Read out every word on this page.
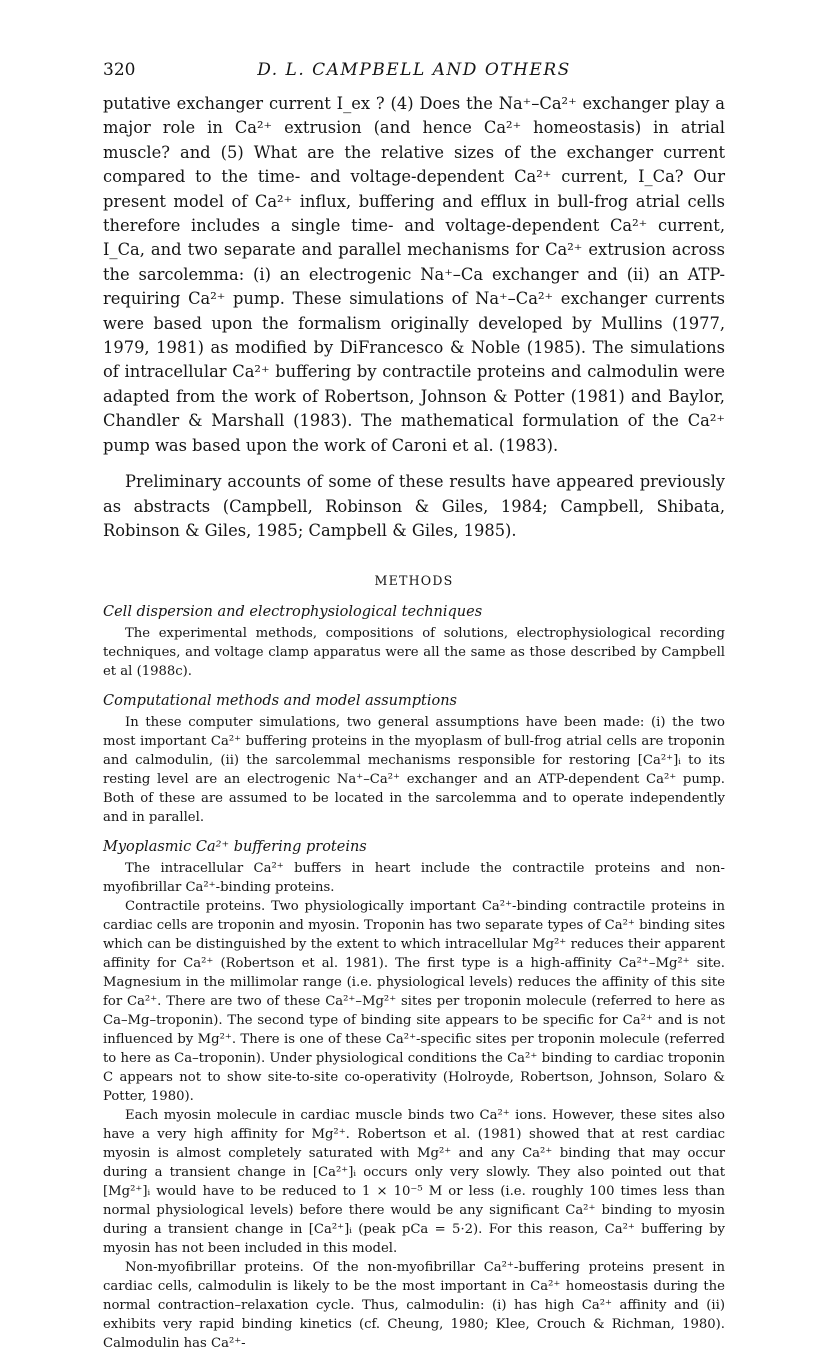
320	D. L. CAMPBELL AND OTHERS

putative exchanger current I_ex ? (4) Does the Na⁺–Ca²⁺ exchanger play a major role in Ca²⁺ extrusion (and hence Ca²⁺ homeostasis) in atrial muscle? and (5) What are the relative sizes of the exchanger current compared to the time- and voltage-dependent Ca²⁺ current, I_Ca? Our present model of Ca²⁺ influx, buffering and efflux in bull-frog atrial cells therefore includes a single time- and voltage-dependent Ca²⁺ current, I_Ca, and two separate and parallel mechanisms for Ca²⁺ extrusion across the sarcolemma: (i) an electrogenic Na⁺–Ca exchanger and (ii) an ATP-requiring Ca²⁺ pump. These simulations of Na⁺–Ca²⁺ exchanger currents were based upon the formalism originally developed by Mullins (1977, 1979, 1981) as modified by DiFrancesco & Noble (1985). The simulations of intracellular Ca²⁺ buffering by contractile proteins and calmodulin were adapted from the work of Robertson, Johnson & Potter (1981) and Baylor, Chandler & Marshall (1983). The mathematical formulation of the Ca²⁺ pump was based upon the work of Caroni et al. (1983).

Preliminary accounts of some of these results have appeared previously as abstracts (Campbell, Robinson & Giles, 1984; Campbell, Shibata, Robinson & Giles, 1985; Campbell & Giles, 1985).

METHODS
Cell dispersion and electrophysiological techniques

The experimental methods, compositions of solutions, electrophysiological recording techniques, and voltage clamp apparatus were all the same as those described by Campbell et al (1988c).

Computational methods and model assumptions

In these computer simulations, two general assumptions have been made: (i) the two most important Ca²⁺ buffering proteins in the myoplasm of bull-frog atrial cells are troponin and calmodulin, (ii) the sarcolemmal mechanisms responsible for restoring [Ca²⁺]ᵢ to its resting level are an electrogenic Na⁺–Ca²⁺ exchanger and an ATP-dependent Ca²⁺ pump. Both of these are assumed to be located in the sarcolemma and to operate independently and in parallel.

Myoplasmic Ca²⁺ buffering proteins

The intracellular Ca²⁺ buffers in heart include the contractile proteins and non-myofibrillar Ca²⁺-binding proteins.

Contractile proteins. Two physiologically important Ca²⁺-binding contractile proteins in cardiac cells are troponin and myosin. Troponin has two separate types of Ca²⁺ binding sites which can be distinguished by the extent to which intracellular Mg²⁺ reduces their apparent affinity for Ca²⁺ (Robertson et al. 1981). The first type is a high-affinity Ca²⁺–Mg²⁺ site. Magnesium in the millimolar range (i.e. physiological levels) reduces the affinity of this site for Ca²⁺. There are two of these Ca²⁺–Mg²⁺ sites per troponin molecule (referred to here as Ca–Mg–troponin). The second type of binding site appears to be specific for Ca²⁺ and is not influenced by Mg²⁺. There is one of these Ca²⁺-specific sites per troponin molecule (referred to here as Ca–troponin). Under physiological conditions the Ca²⁺ binding to cardiac troponin C appears not to show site-to-site co-operativity (Holroyde, Robertson, Johnson, Solaro & Potter, 1980).

Each myosin molecule in cardiac muscle binds two Ca²⁺ ions. However, these sites also have a very high affinity for Mg²⁺. Robertson et al. (1981) showed that at rest cardiac myosin is almost completely saturated with Mg²⁺ and any Ca²⁺ binding that may occur during a transient change in [Ca²⁺]ᵢ occurs only very slowly. They also pointed out that [Mg²⁺]ᵢ would have to be reduced to 1 × 10⁻⁵ M or less (i.e. roughly 100 times less than normal physiological levels) before there would be any significant Ca²⁺ binding to myosin during a transient change in [Ca²⁺]ᵢ (peak pCa = 5·2). For this reason, Ca²⁺ buffering by myosin has not been included in this model.

Non-myofibrillar proteins. Of the non-myofibrillar Ca²⁺-buffering proteins present in cardiac cells, calmodulin is likely to be the most important in Ca²⁺ homeostasis during the normal contraction–relaxation cycle. Thus, calmodulin: (i) has high Ca²⁺ affinity and (ii) exhibits very rapid binding kinetics (cf. Cheung, 1980; Klee, Crouch & Richman, 1980). Calmodulin has Ca²⁺-
